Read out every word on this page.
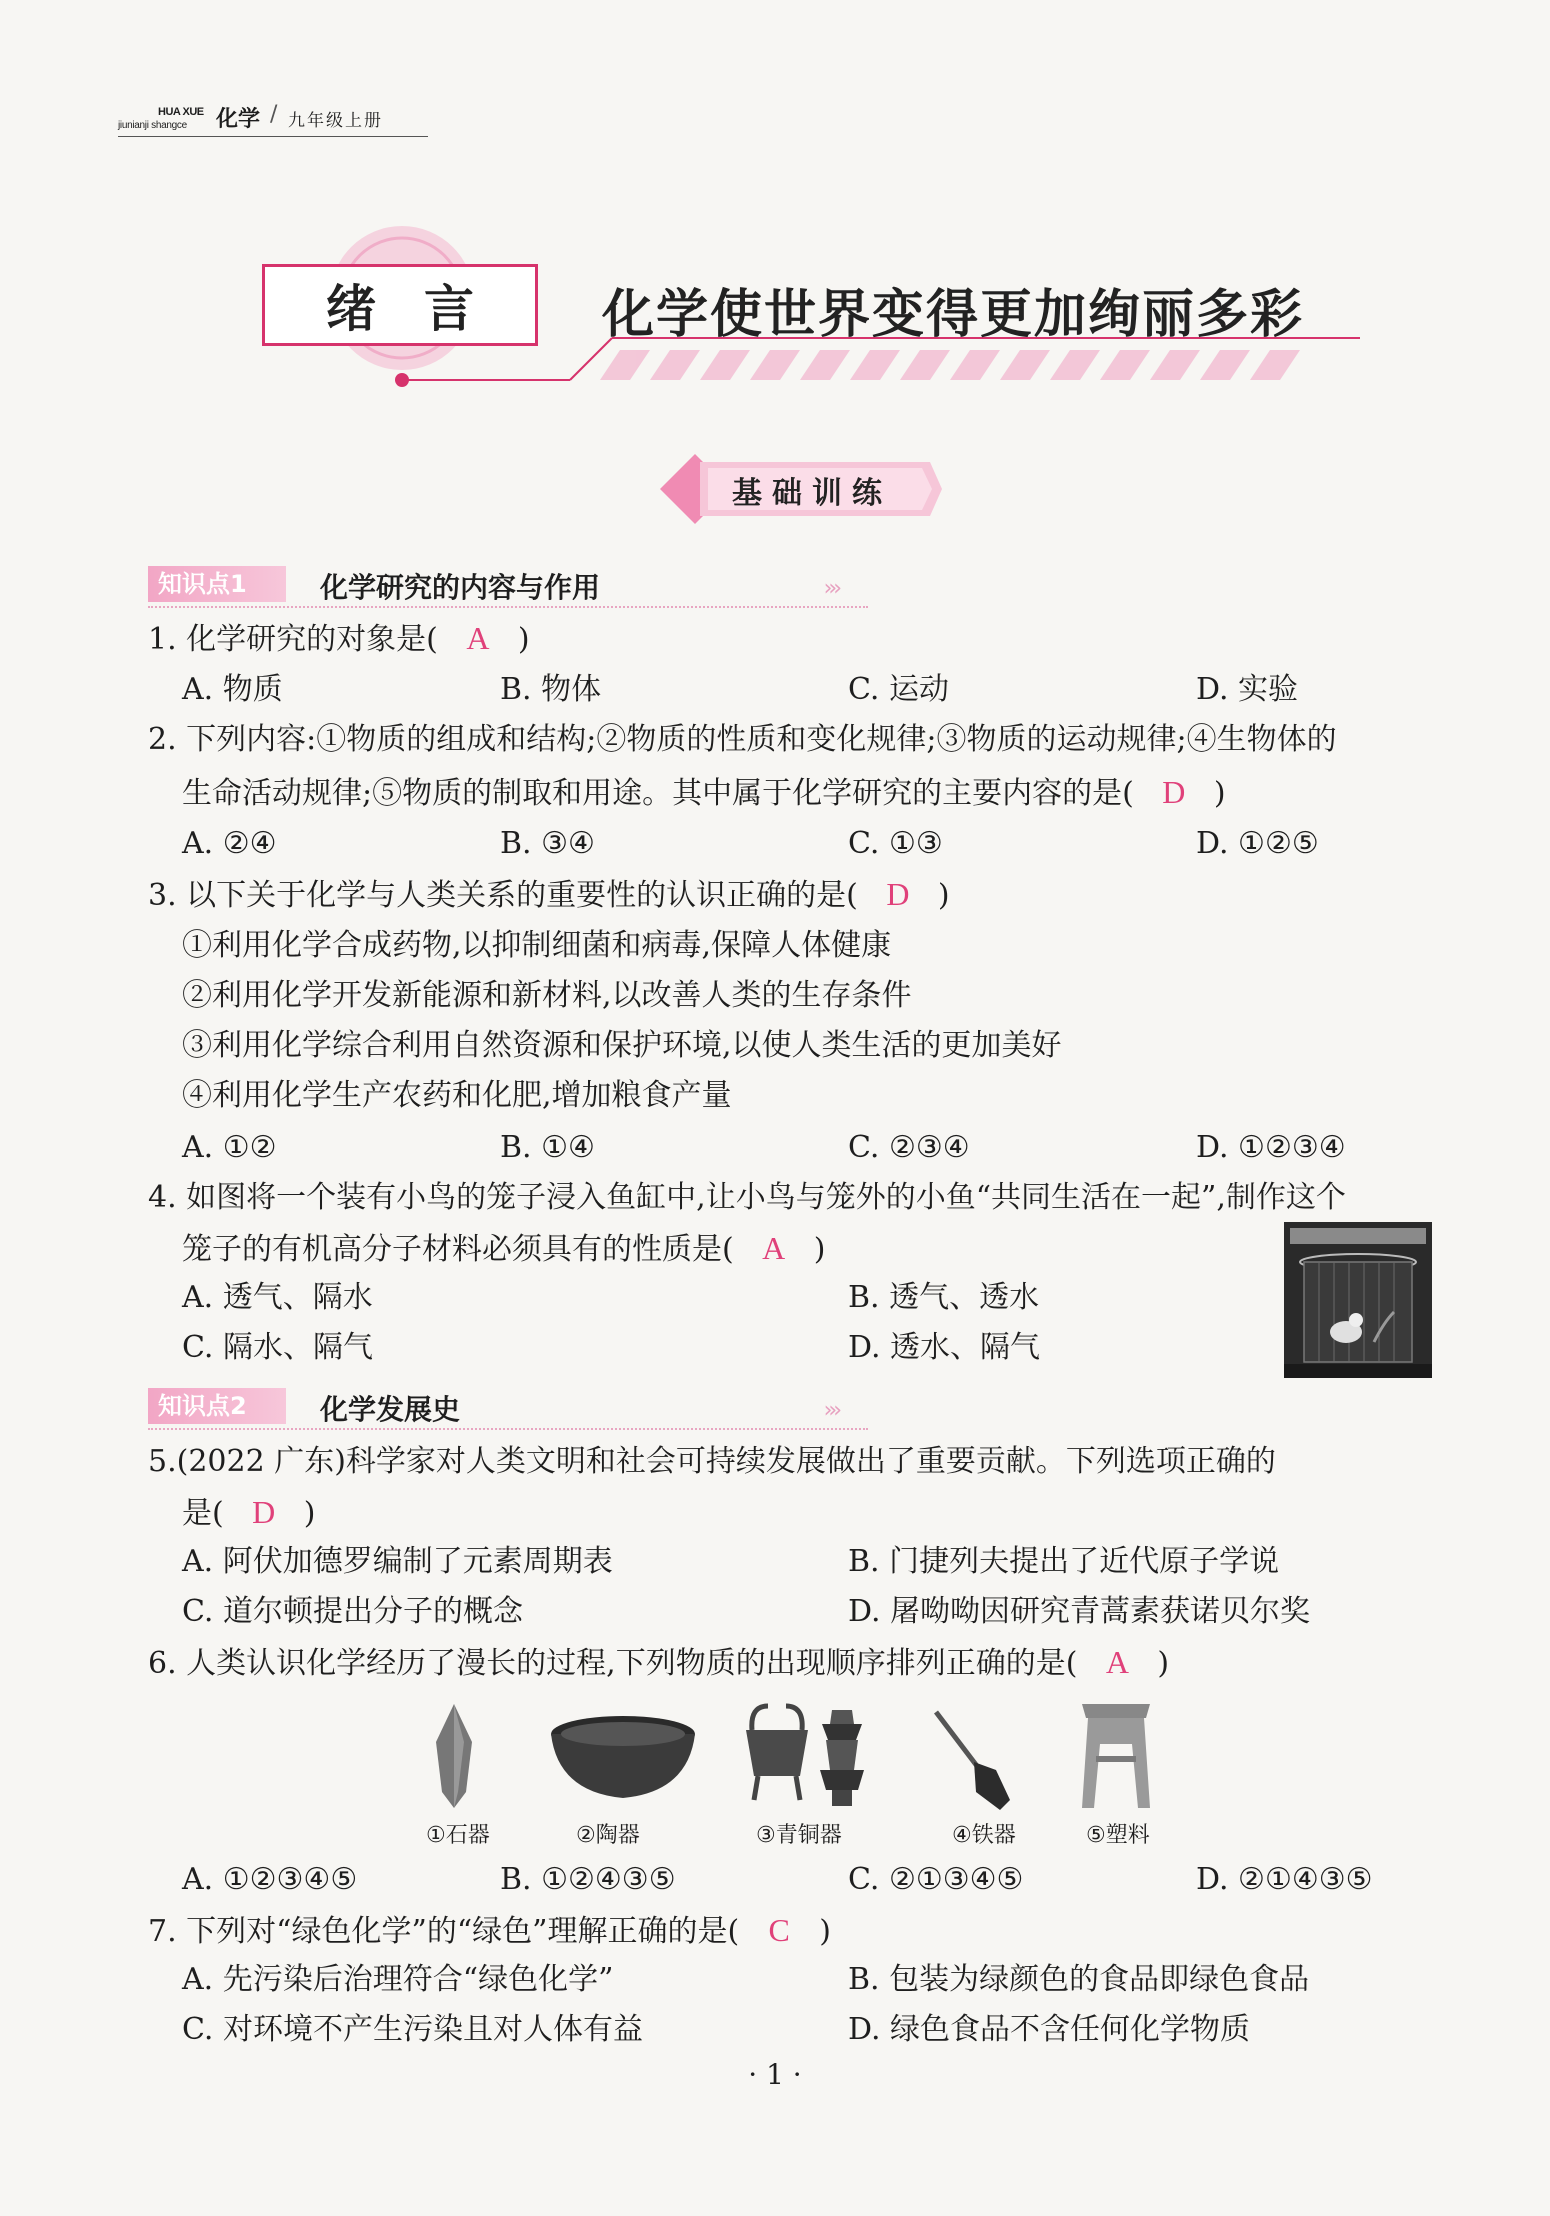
HUA XUE
jiunianji shangce 化学 / 九年级上册
绪言 化学使世界变得更加绚丽多彩
基础训练
知识点1	化学研究的内容与作用	›››
1. 化学研究的对象是( A )
A. 物质	B. 物体	C. 运动	D. 实验
2. 下列内容:①物质的组成和结构;②物质的性质和变化规律;③物质的运动规律;④生物体的
生命活动规律;⑤物质的制取和用途。其中属于化学研究的主要内容的是( D )
A. ②④	B. ③④	C. ①③	D. ①②⑤
3. 以下关于化学与人类关系的重要性的认识正确的是( D )
①利用化学合成药物,以抑制细菌和病毒,保障人体健康
②利用化学开发新能源和新材料,以改善人类的生存条件
③利用化学综合利用自然资源和保护环境,以使人类生活的更加美好
④利用化学生产农药和化肥,增加粮食产量
A. ①②	B. ①④	C. ②③④	D. ①②③④
4. 如图将一个装有小鸟的笼子浸入鱼缸中,让小鸟与笼外的小鱼“共同生活在一起”,制作这个
笼子的有机高分子材料必须具有的性质是( A )
A. 透气、隔水	B. 透气、透水
C. 隔水、隔气	D. 透水、隔气
知识点2	化学发展史	›››
5.(2022 广东)科学家对人类文明和社会可持续发展做出了重要贡献。下列选项正确的
是( D )
A. 阿伏加德罗编制了元素周期表	B. 门捷列夫提出了近代原子学说
C. 道尔顿提出分子的概念	D. 屠呦呦因研究青蒿素获诺贝尔奖
6. 人类认识化学经历了漫长的过程,下列物质的出现顺序排列正确的是( A )
①石器	②陶器	③青铜器	④铁器	⑤塑料
A. ①②③④⑤	B. ①②④③⑤	C. ②①③④⑤	D. ②①④③⑤
7. 下列对“绿色化学”的“绿色”理解正确的是( C )
A. 先污染后治理符合“绿色化学”	B. 包装为绿颜色的食品即绿色食品
C. 对环境不产生污染且对人体有益	D. 绿色食品不含任何化学物质
· 1 ·
